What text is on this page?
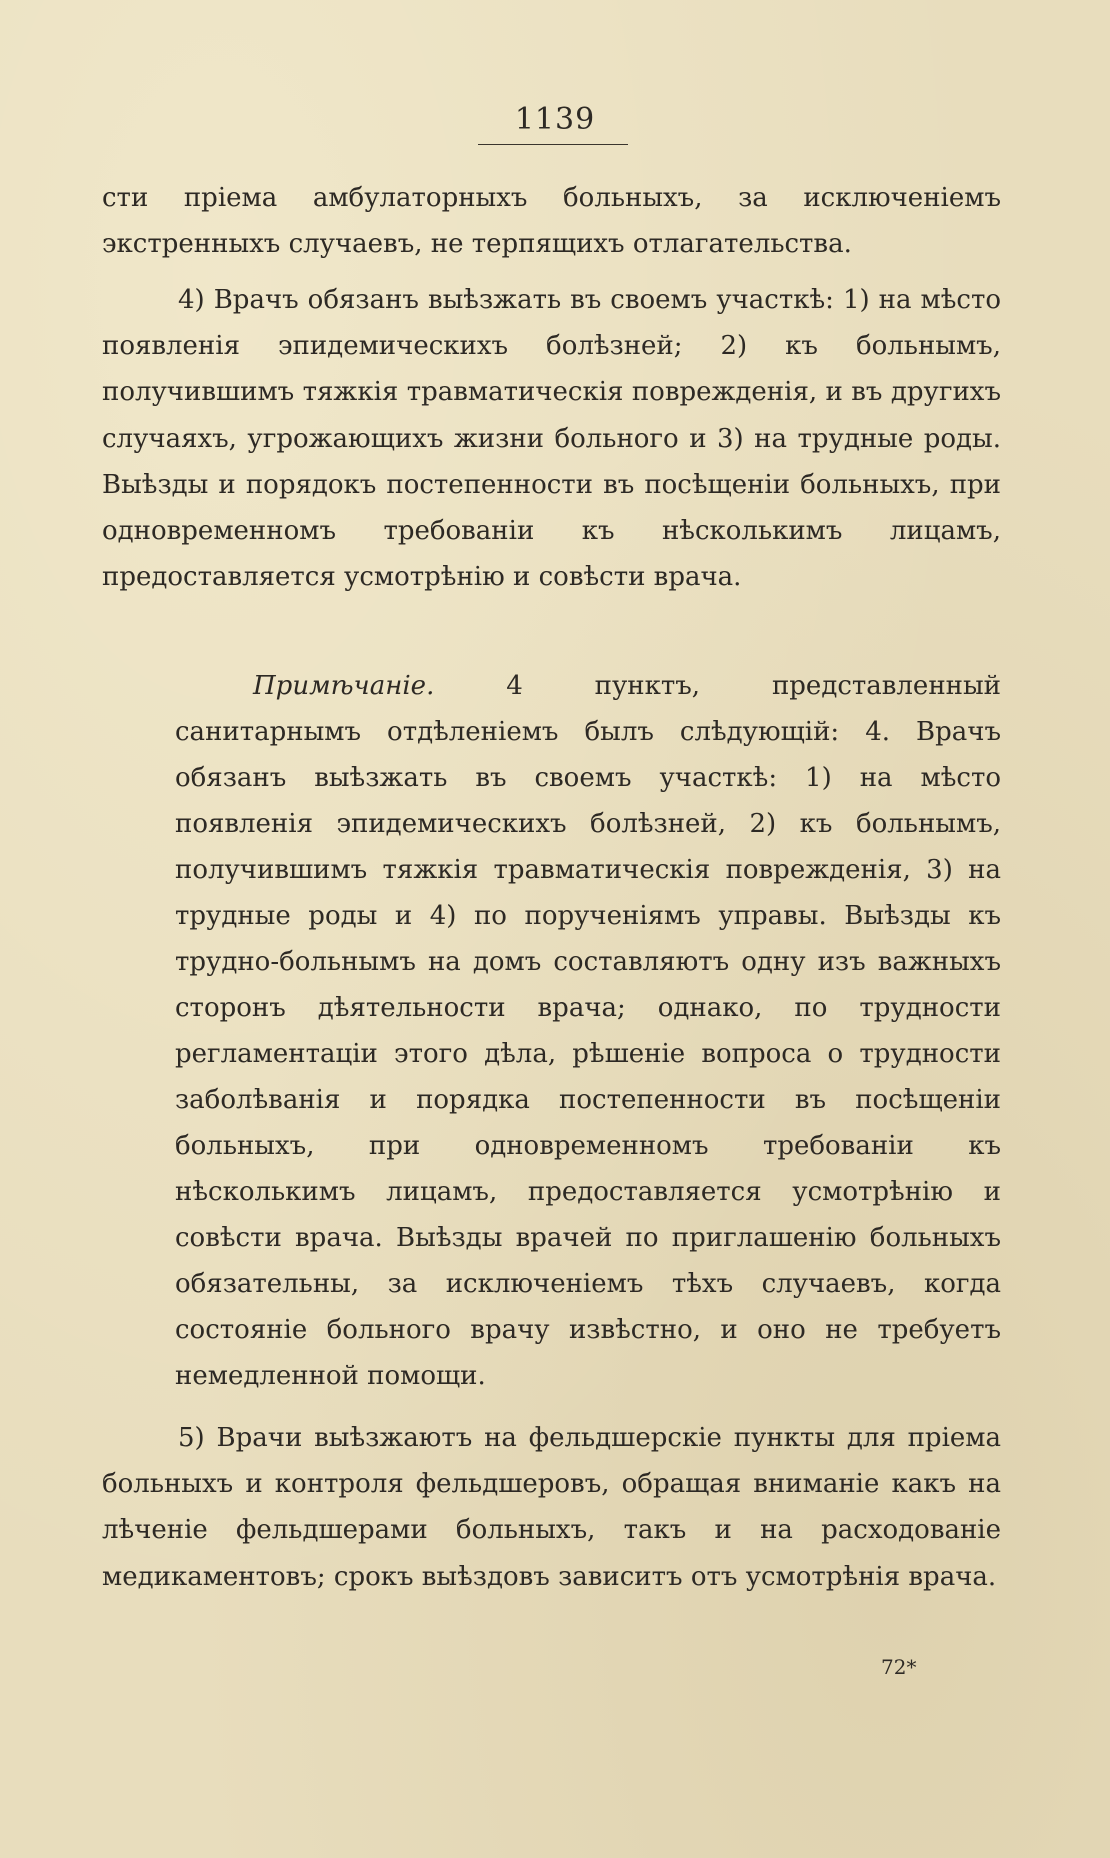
1139
сти пріема амбулаторныхъ больныхъ, за исключеніемъ экстренныхъ случаевъ, не терпящихъ отлагательства.
4) Врачъ обязанъ выѣзжать въ своемъ участкѣ: 1) на мѣсто появленія эпидемическихъ болѣзней; 2) къ больнымъ, получившимъ тяжкія травматическія поврежденія, и въ другихъ случаяхъ, угрожающихъ жизни больного и 3) на трудные роды. Выѣзды и порядокъ постепенности въ посѣщеніи больныхъ, при одновременномъ требованіи къ нѣсколькимъ лицамъ, предоставляется усмотрѣнію и совѣсти врача.
Примѣчаніе.	4 пунктъ, представленный санитарнымъ отдѣленіемъ былъ слѣдующій: 4. Врачъ обязанъ выѣзжать въ своемъ участкѣ: 1) на мѣсто появленія эпидемическихъ болѣзней, 2) къ больнымъ, получившимъ тяжкія травматическія поврежденія, 3) на трудные роды и 4) по порученіямъ управы. Выѣзды къ трудно-больнымъ на домъ составляютъ одну изъ важныхъ сторонъ дѣятельности врача; однако, по трудности регламентаціи этого дѣла, рѣшеніе вопроса о трудности заболѣванія и порядка постепенности въ посѣщеніи больныхъ, при одновременномъ требованіи къ нѣсколькимъ лицамъ, предоставляется усмотрѣнію и совѣсти врача. Выѣзды врачей по приглашенію больныхъ обязательны, за исключеніемъ тѣхъ случаевъ, когда состояніе больного врачу извѣстно, и оно не требуетъ немедленной помощи.
5) Врачи выѣзжаютъ на фельдшерскіе пункты для пріема больныхъ и контроля фельдшеровъ, обращая вниманіе какъ на лѣченіе фельдшерами больныхъ, такъ и на расходованіе медикаментовъ; срокъ выѣздовъ зависитъ отъ усмотрѣнія врача.
72*
